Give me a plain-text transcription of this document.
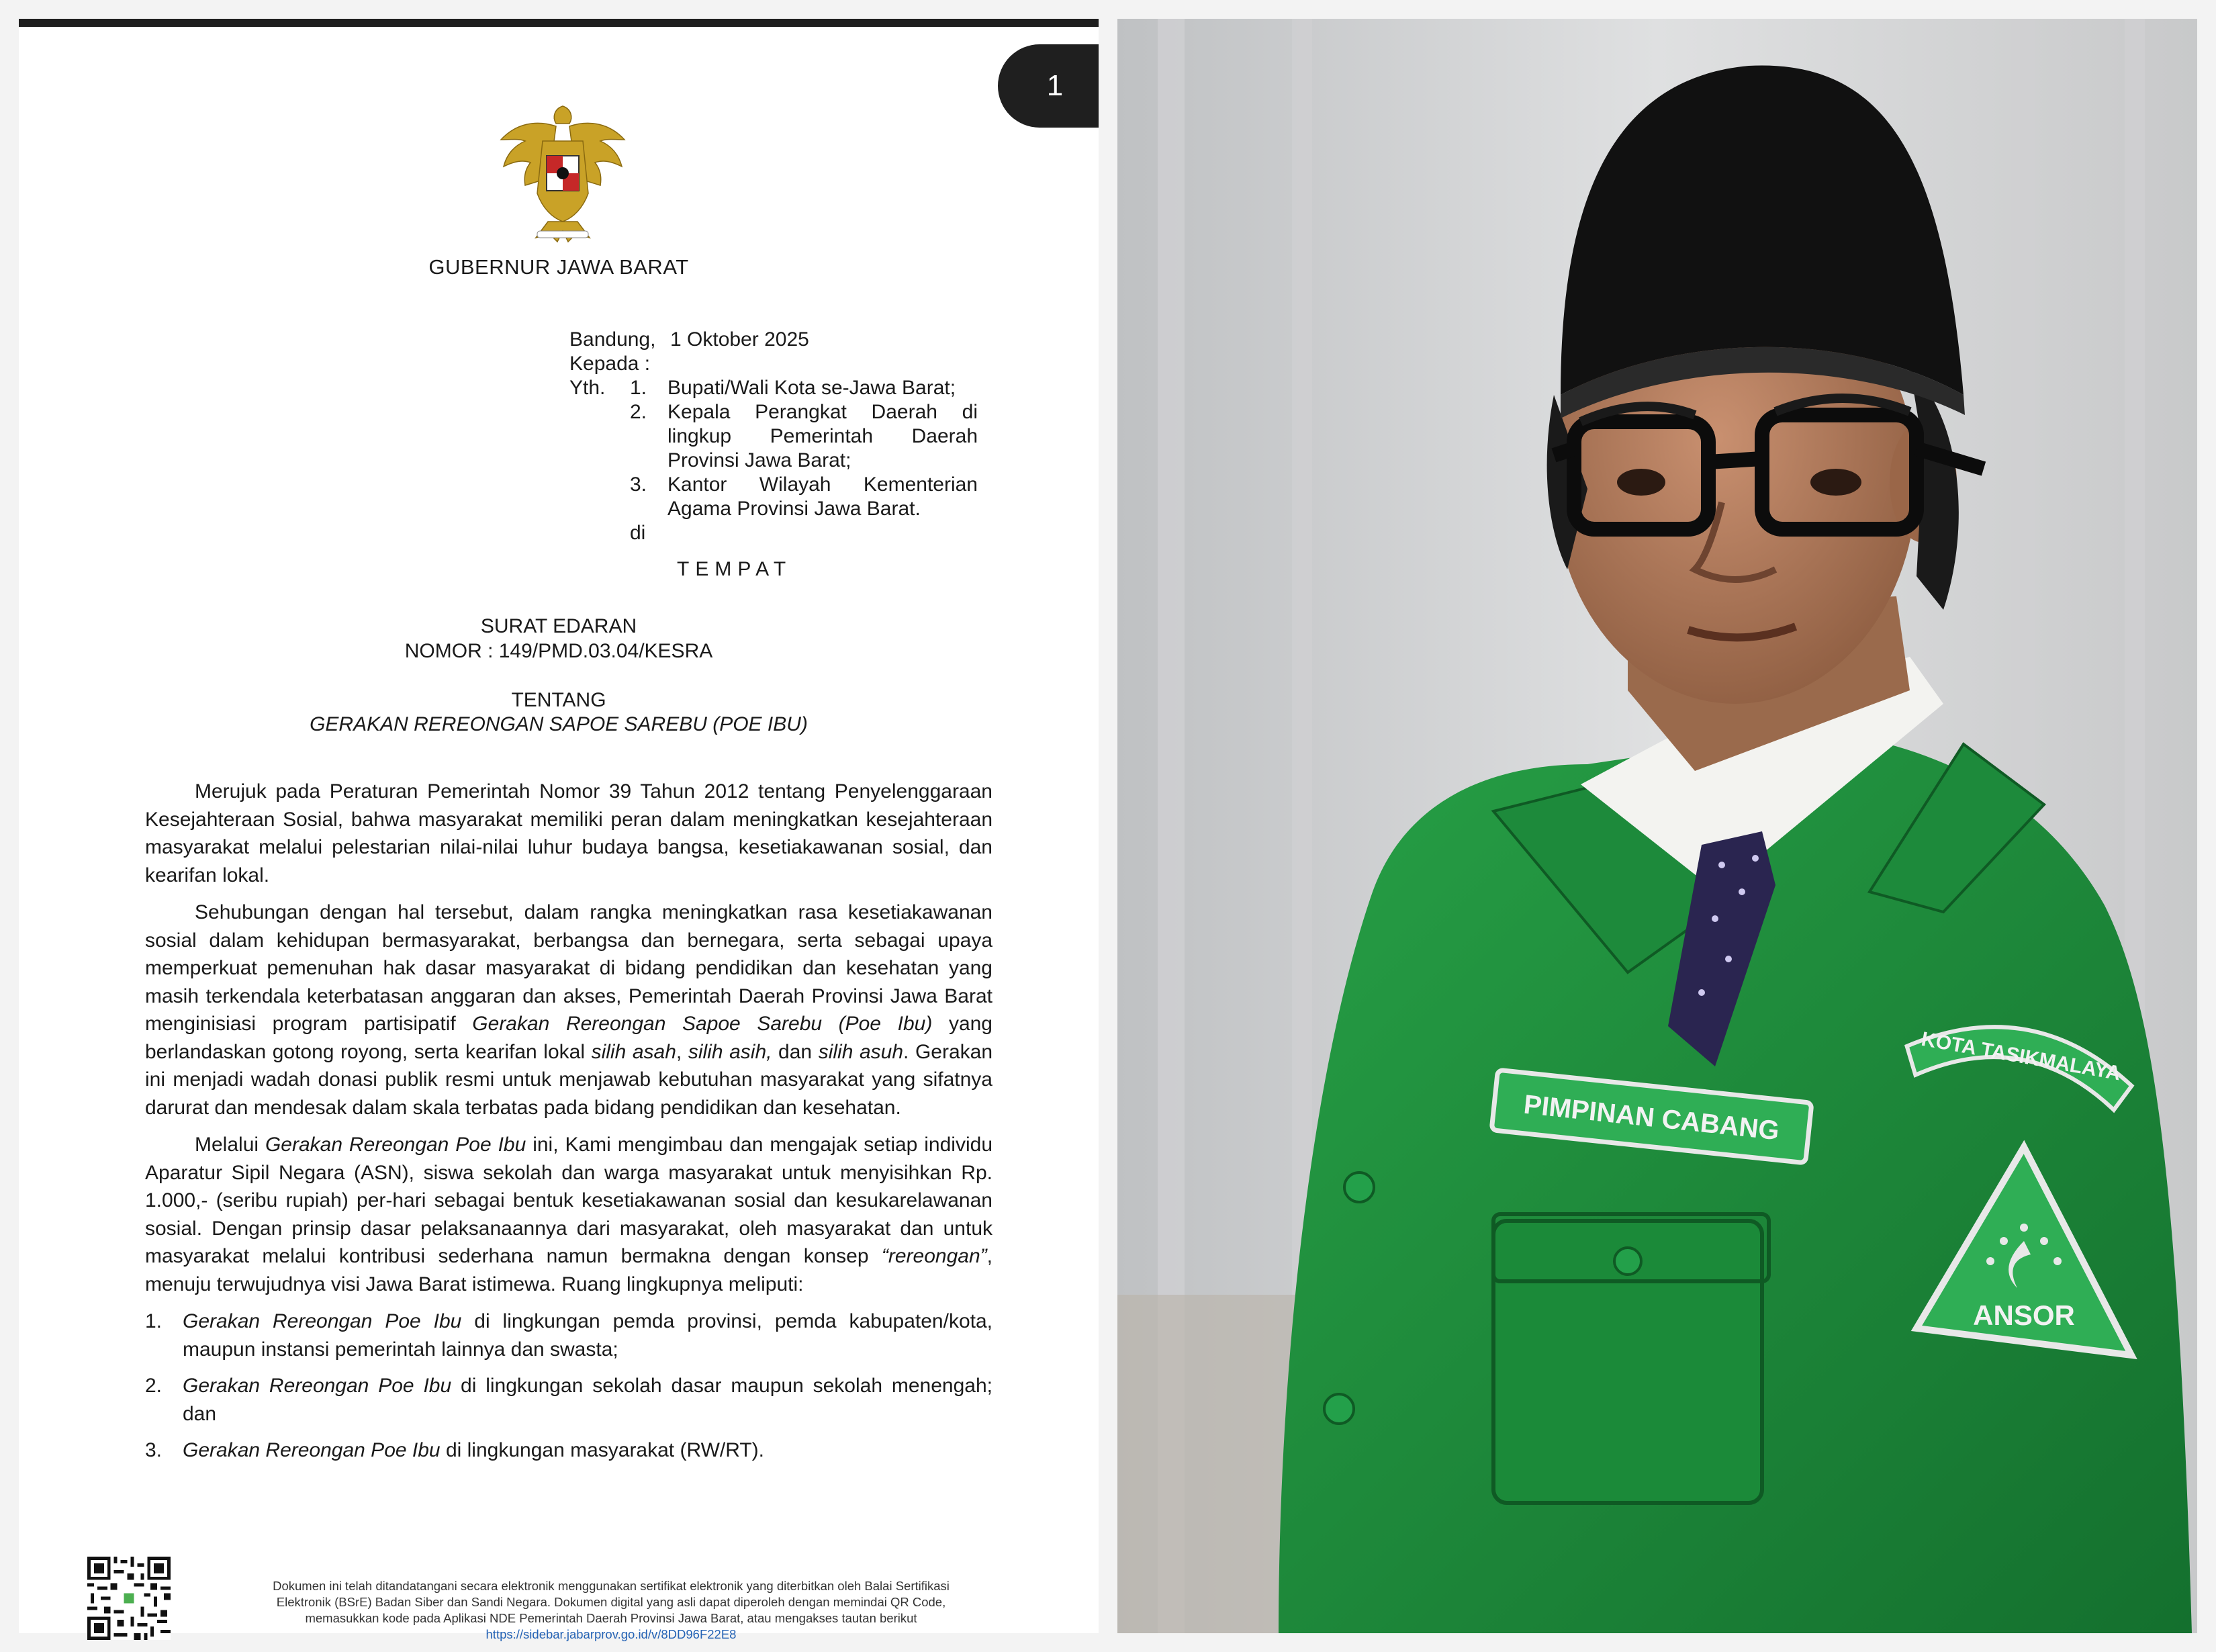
1
GUBERNUR JAWA BARAT
Bandung, 1 Oktober 2025
Kepada :
Yth.	1.	Bupati/Wali Kota se-Jawa Barat;
2.	Kepala Perangkat Daerah di lingkup Pemerintah Daerah Provinsi Jawa Barat;
3.	Kantor Wilayah Kementerian Agama Provinsi Jawa Barat.
di
TEMPAT
SURAT EDARAN
NOMOR : 149/PMD.03.04/KESRA
TENTANG
GERAKAN REREONGAN SAPOE SAREBU (POE IBU)

Merujuk pada Peraturan Pemerintah Nomor 39 Tahun 2012 tentang Penyelenggaraan Kesejahteraan Sosial, bahwa masyarakat memiliki peran dalam meningkatkan kesejahteraan masyarakat melalui pelestarian nilai-nilai luhur budaya bangsa, kesetiakawanan sosial, dan kearifan lokal.

Sehubungan dengan hal tersebut, dalam rangka meningkatkan rasa kesetiakawanan sosial dalam kehidupan bermasyarakat, berbangsa dan bernegara, serta sebagai upaya memperkuat pemenuhan hak dasar masyarakat di bidang pendidikan dan kesehatan yang masih terkendala keterbatasan anggaran dan akses, Pemerintah Daerah Provinsi Jawa Barat menginisiasi program partisipatif Gerakan Rereongan Sapoe Sarebu (Poe Ibu) yang berlandaskan gotong royong, serta kearifan lokal silih asah, silih asih, dan silih asuh. Gerakan ini menjadi wadah donasi publik resmi untuk menjawab kebutuhan masyarakat yang sifatnya darurat dan mendesak dalam skala terbatas pada bidang pendidikan dan kesehatan.

Melalui Gerakan Rereongan Poe Ibu ini, Kami mengimbau dan mengajak setiap individu Aparatur Sipil Negara (ASN), siswa sekolah dan warga masyarakat untuk menyisihkan Rp. 1.000,- (seribu rupiah) per-hari sebagai bentuk kesetiakawanan sosial dan kesukarelawanan sosial. Dengan prinsip dasar pelaksanaannya dari masyarakat, oleh masyarakat dan untuk masyarakat melalui kontribusi sederhana namun bermakna dengan konsep “rereongan”, menuju terwujudnya visi Jawa Barat istimewa. Ruang lingkupnya meliputi:

1.	Gerakan Rereongan Poe Ibu di lingkungan pemda provinsi, pemda kabupaten/kota, maupun instansi pemerintah lainnya dan swasta;
2.	Gerakan Rereongan Poe Ibu di lingkungan sekolah dasar maupun sekolah menengah; dan
3.	Gerakan Rereongan Poe Ibu di lingkungan masyarakat (RW/RT).
Dokumen ini telah ditandatangani secara elektronik menggunakan sertifikat elektronik yang diterbitkan oleh Balai Sertifikasi
Elektronik (BSrE) Badan Siber dan Sandi Negara. Dokumen digital yang asli dapat diperoleh dengan memindai QR Code,
memasukkan kode pada Aplikasi NDE Pemerintah Daerah Provinsi Jawa Barat, atau mengakses tautan berikut
https://sidebar.jabarprov.go.id/v/8DD96F22E8
PIMPINAN CABANG
KOTA TASIKMALAYA
ANSOR
